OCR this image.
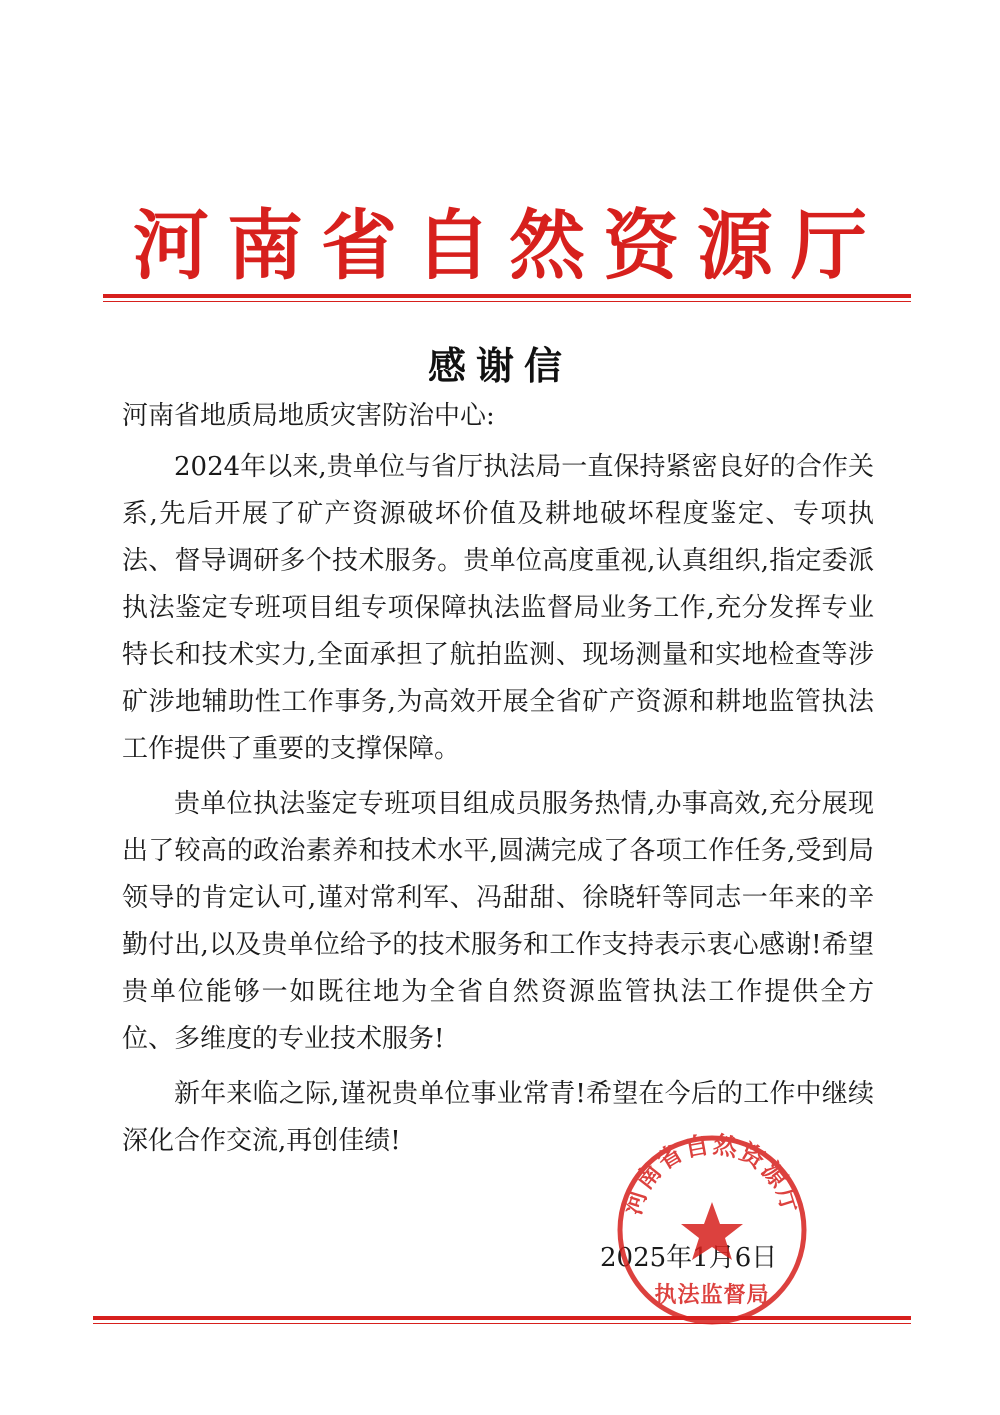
河南省自然资源厅
感谢信
河南省地质局地质灾害防治中心:

2024年以来,贵单位与省厅执法局一直保持紧密良好的合作关系,先后开展了矿产资源破坏价值及耕地破坏程度鉴定、专项执法、督导调研多个技术服务。贵单位高度重视,认真组织,指定委派执法鉴定专班项目组专项保障执法监督局业务工作,充分发挥专业特长和技术实力,全面承担了航拍监测、现场测量和实地检查等涉矿涉地辅助性工作事务,为高效开展全省矿产资源和耕地监管执法工作提供了重要的支撑保障。

贵单位执法鉴定专班项目组成员服务热情,办事高效,充分展现出了较高的政治素养和技术水平,圆满完成了各项工作任务,受到局领导的肯定认可,谨对常利军、冯甜甜、徐晓轩等同志一年来的辛勤付出,以及贵单位给予的技术服务和工作支持表示衷心感谢!希望贵单位能够一如既往地为全省自然资源监管执法工作提供全方位、多维度的专业技术服务!

新年来临之际,谨祝贵单位事业常青!希望在今后的工作中继续深化合作交流,再创佳绩!

2025年1月6日
河南省自然资源厅
执法监督局
